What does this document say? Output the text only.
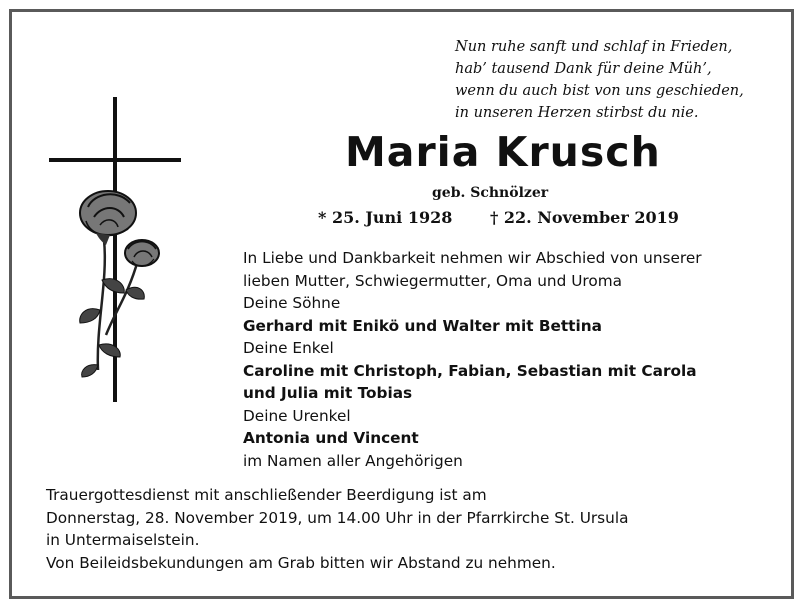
Nun ruhe sanft und schlaf in Frieden,
hab’ tausend Dank für deine Müh’,
wenn du auch bist von uns geschieden,
in unseren Herzen stirbst du nie.
Maria Krusch
geb. Schnölzer
* 25. Juni 1928 † 22. November 2019
In Liebe und Dankbarkeit nehmen wir Abschied von unserer
lieben Mutter, Schwiegermutter, Oma und Uroma
Deine Söhne
Gerhard mit Enikö und Walter mit Bettina
Deine Enkel
Caroline mit Christoph, Fabian, Sebastian mit Carola
und Julia mit Tobias
Deine Urenkel
Antonia und Vincent
im Namen aller Angehörigen
Trauergottesdienst mit anschließender Beerdigung ist am
Donnerstag, 28. November 2019, um 14.00 Uhr in der Pfarrkirche St. Ursula
in Untermaiselstein.
Von Beileidsbekundungen am Grab bitten wir Abstand zu nehmen.
